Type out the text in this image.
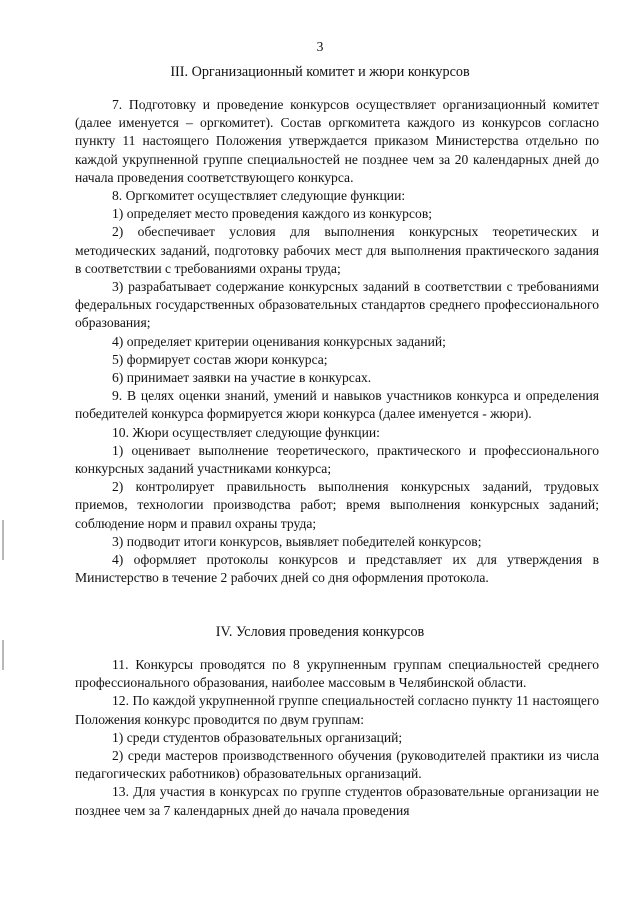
3
III. Организационный комитет и жюри конкурсов

7. Подготовку и проведение конкурсов осуществляет организационный комитет (далее именуется – оргкомитет). Состав оргкомитета каждого из конкурсов согласно пункту 11 настоящего Положения утверждается приказом Министерства отдельно по каждой укрупненной группе специальностей не позднее чем за 20 календарных дней до начала проведения соответствующего конкурса.

8. Оргкомитет осуществляет следующие функции:

1) определяет место проведения каждого из конкурсов;

2) обеспечивает условия для выполнения конкурсных теоретических и методических заданий, подготовку рабочих мест для выполнения практического задания в соответствии с требованиями охраны труда;

3) разрабатывает содержание конкурсных заданий в соответствии с требованиями федеральных государственных образовательных стандартов среднего профессионального образования;

4) определяет критерии оценивания конкурсных заданий;

5) формирует состав жюри конкурса;

6) принимает заявки на участие в конкурсах.

9. В целях оценки знаний, умений и навыков участников конкурса и определения победителей конкурса формируется жюри конкурса (далее именуется - жюри).

10. Жюри осуществляет следующие функции:

1) оценивает выполнение теоретического, практического и профессионального конкурсных заданий участниками конкурса;

2) контролирует правильность выполнения конкурсных заданий, трудовых приемов, технологии производства работ; время выполнения конкурсных заданий; соблюдение норм и правил охраны труда;

3) подводит итоги конкурсов, выявляет победителей конкурсов;

4) оформляет протоколы конкурсов и представляет их для утверждения в Министерство в течение 2 рабочих дней со дня оформления протокола.

IV. Условия проведения конкурсов

11. Конкурсы проводятся по 8 укрупненным группам специальностей среднего профессионального образования, наиболее массовым в Челябинской области.

12. По каждой укрупненной группе специальностей согласно пункту 11 настоящего Положения конкурс проводится по двум группам:

1) среди студентов образовательных организаций;

2) среди мастеров производственного обучения (руководителей практики из числа педагогических работников) образовательных организаций.

13. Для участия в конкурсах по группе студентов образовательные организации не позднее чем за 7 календарных дней до начала проведения
